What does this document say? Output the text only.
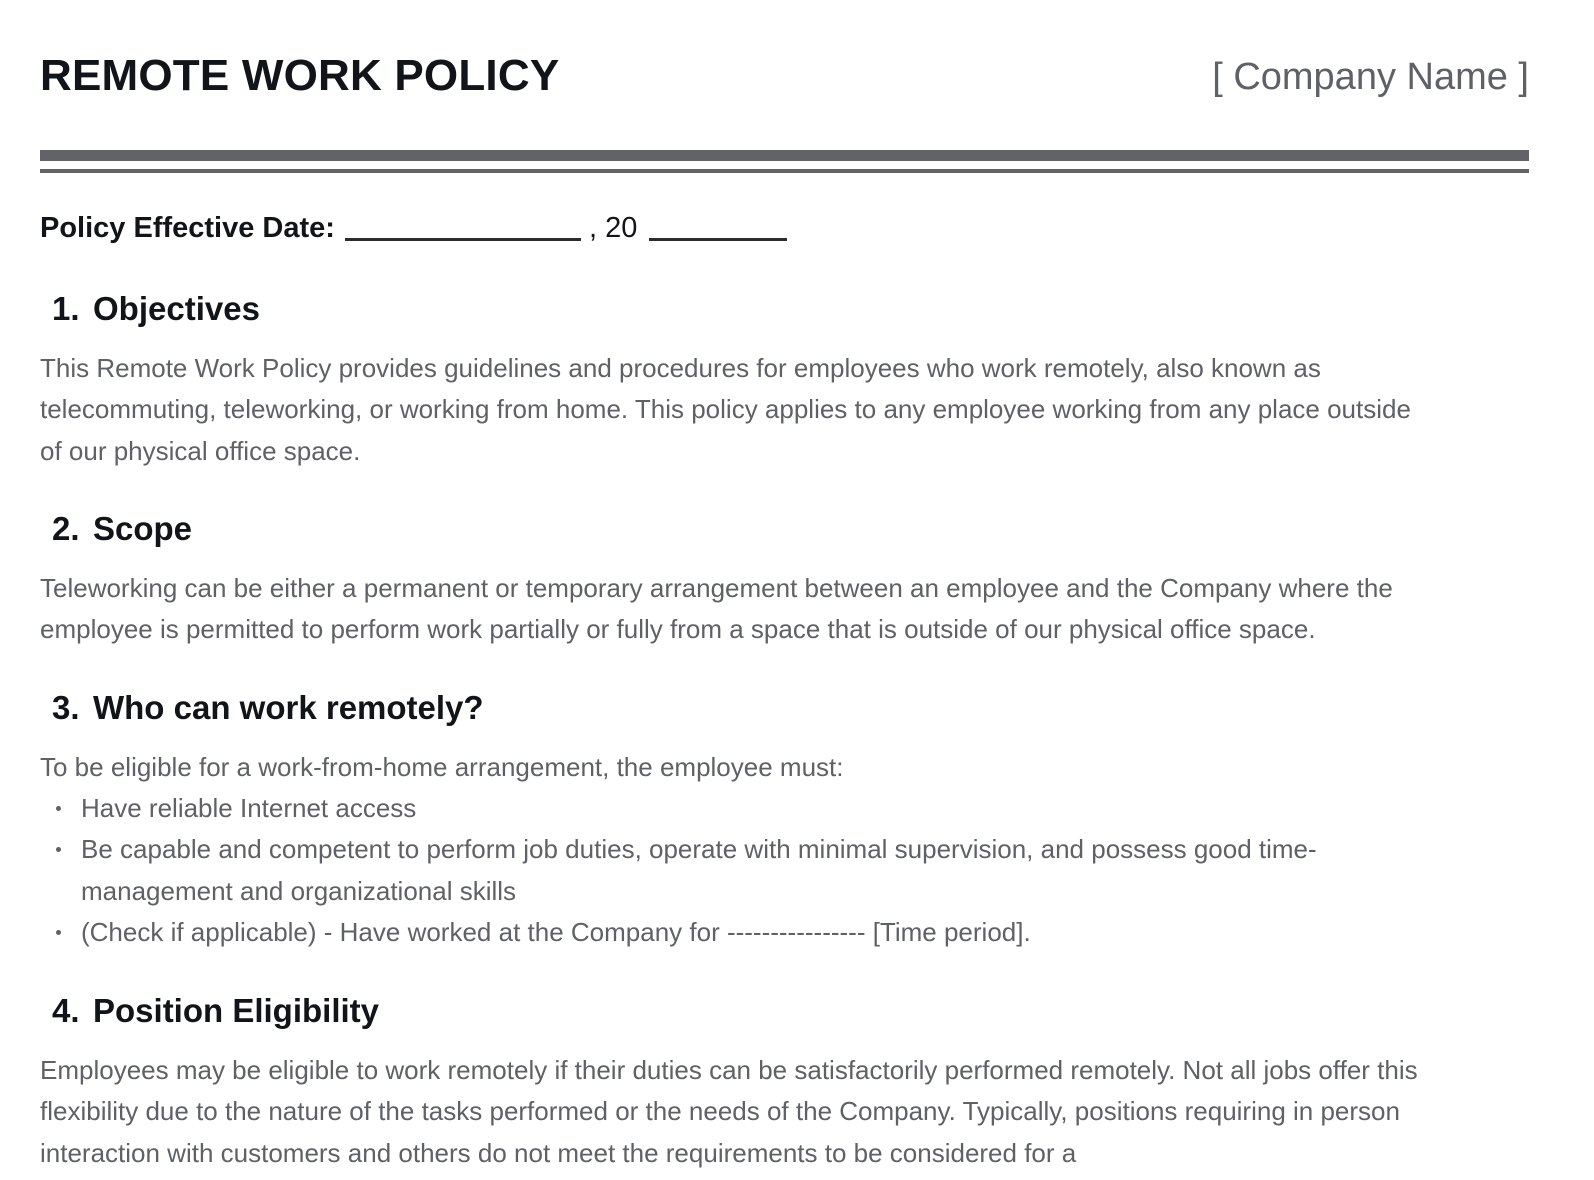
REMOTE WORK POLICY	[ Company Name ]
Policy Effective Date:	, 20
1. Objectives

This Remote Work Policy provides guidelines and procedures for employees who work remotely, also known as telecommuting, teleworking, or working from home. This policy applies to any employee working from any place outside of our physical office space.

2. Scope

Teleworking can be either a permanent or temporary arrangement between an employee and the Company where the employee is permitted to perform work partially or fully from a space that is outside of our physical office space.

3. Who can work remotely?

To be eligible for a work-from-home arrangement, the employee must:

Have reliable Internet access
Be capable and competent to perform job duties, operate with minimal supervision, and possess good time-management and organizational skills
(Check if applicable) - Have worked at the Company for ---------------- [Time period].
4. Position Eligibility

Employees may be eligible to work remotely if their duties can be satisfactorily performed remotely. Not all jobs offer this flexibility due to the nature of the tasks performed or the needs of the Company. Typically, positions requiring in person interaction with customers and others do not meet the requirements to be considered for a
